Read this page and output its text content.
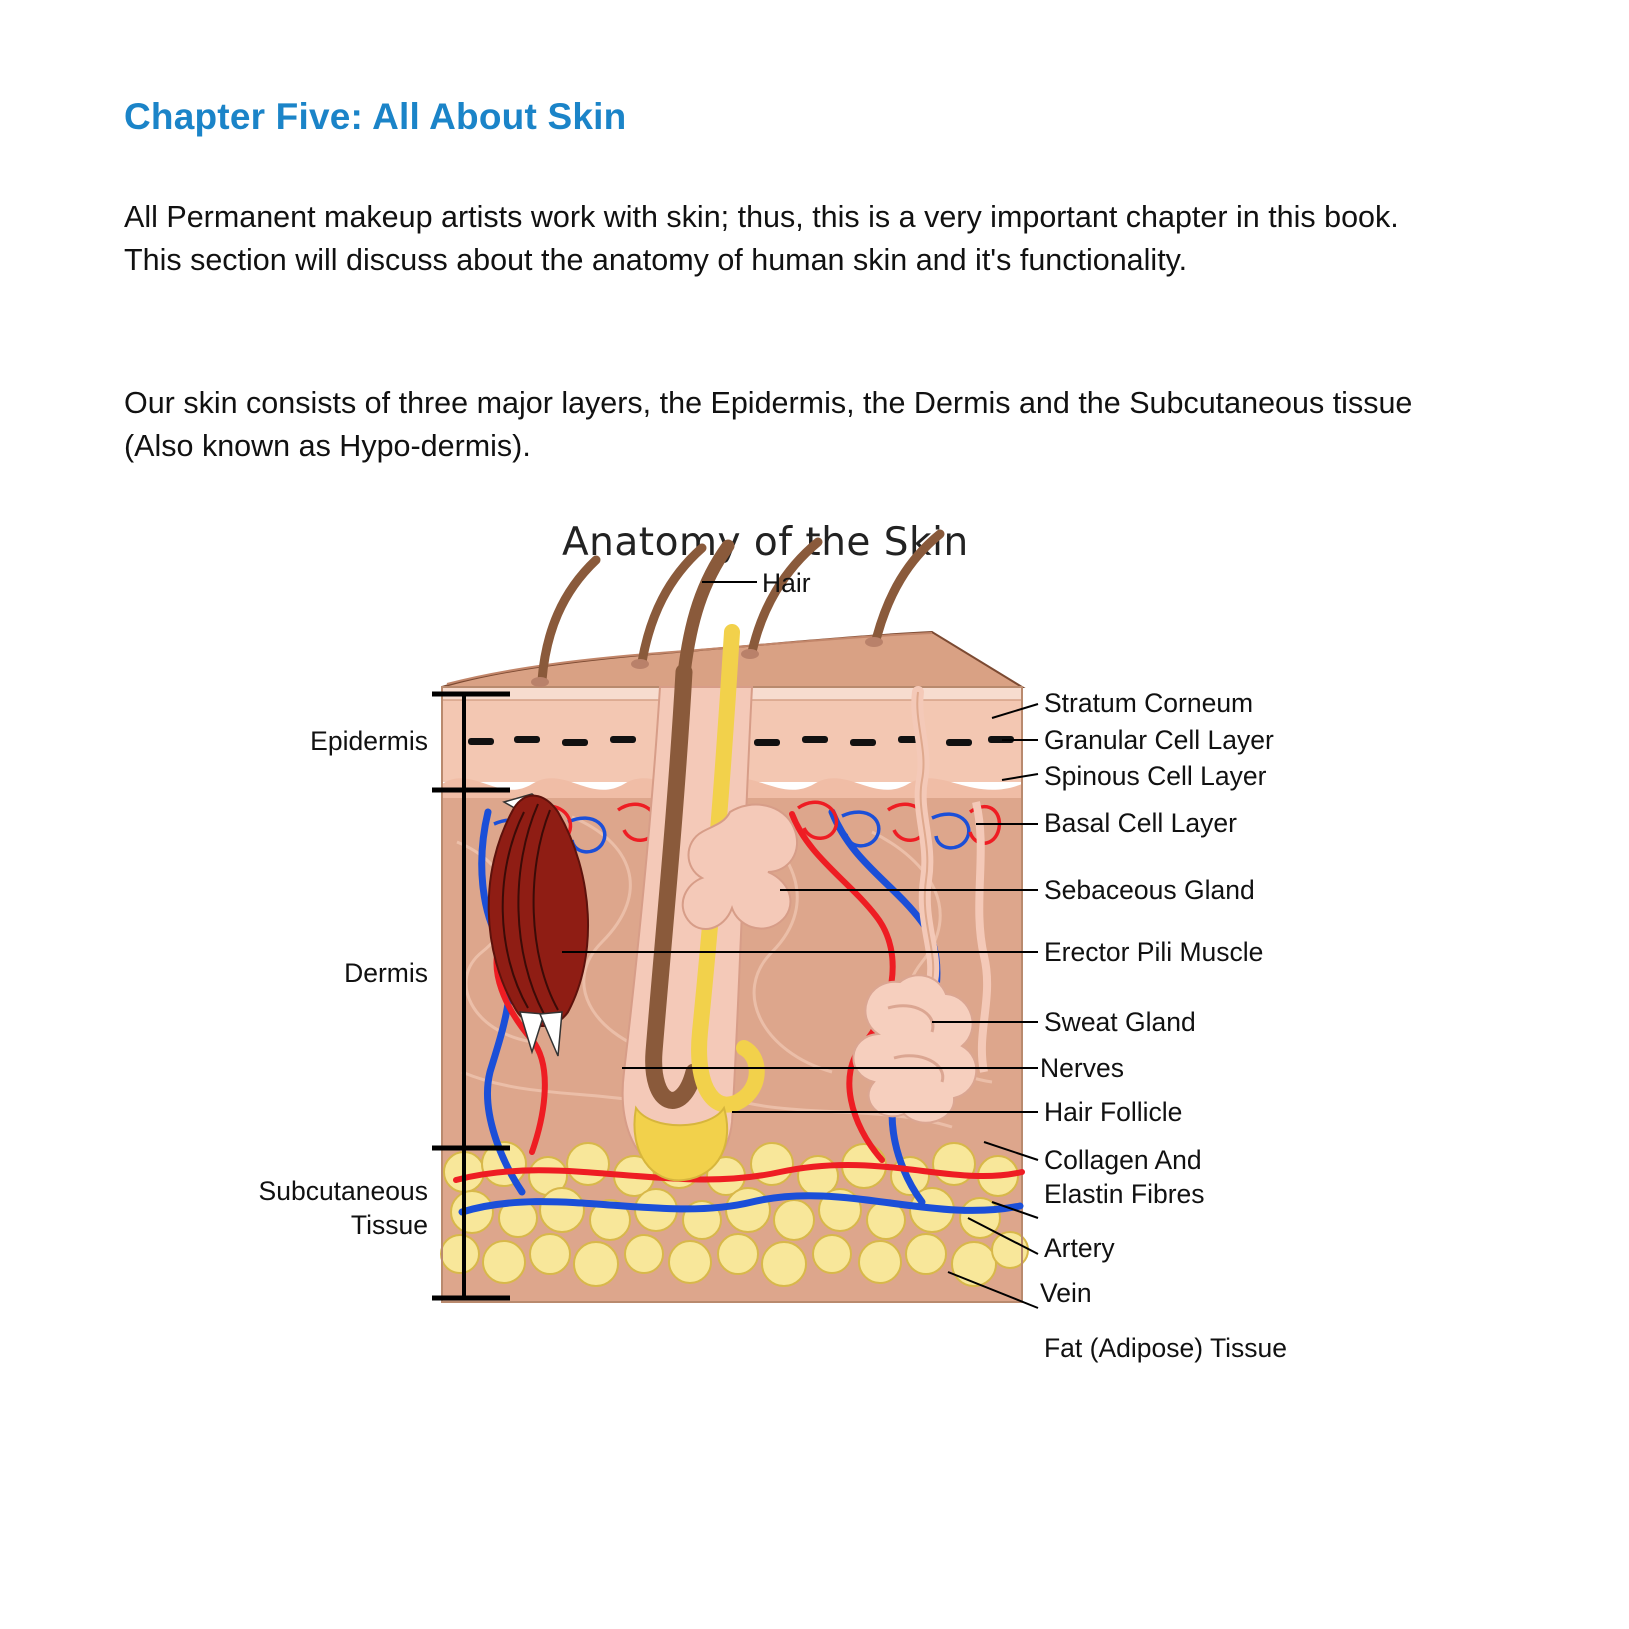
Chapter Five: All About Skin
All Permanent makeup artists work with skin; thus, this is a very important chapter in this book. This section will discuss about the anatomy of human skin and it's functionality.
Our skin consists of three major layers, the Epidermis, the Dermis and the Subcutaneous tissue (Also known as Hypo-dermis).
Anatomy of the Skin
Epidermis
Dermis
Subcutaneous
Tissue
Hair
Stratum Corneum
Granular Cell Layer
Spinous Cell Layer
Basal Cell Layer
Sebaceous Gland
Erector Pili Muscle
Sweat Gland
Nerves
Hair Follicle
Collagen And
Elastin Fibres
Artery
Vein
Fat (Adipose) Tissue
